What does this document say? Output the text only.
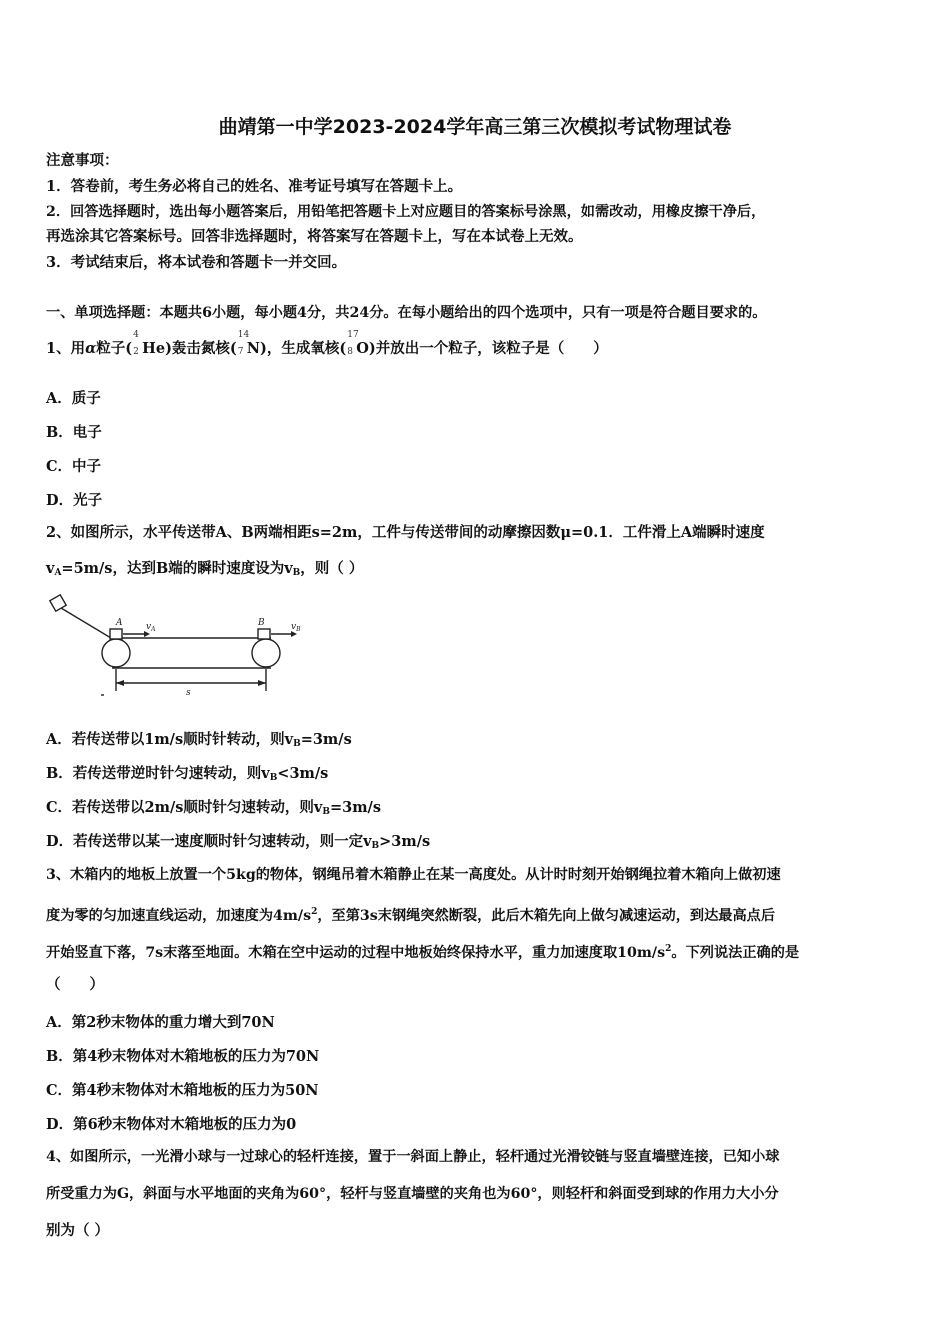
曲靖第一中学2023-2024学年高三第三次模拟考试物理试卷
注意事项：
1．答卷前，考生务必将自己的姓名、准考证号填写在答题卡上。
2．回答选择题时，选出每小题答案后，用铅笔把答题卡上对应题目的答案标号涂黑，如需改动，用橡皮擦干净后，
再选涂其它答案标号。回答非选择题时，将答案写在答题卡上，写在本试卷上无效。
3．考试结束后，将本试卷和答题卡一并交回。
一、单项选择题：本题共6小题，每小题4分，共24分。在每小题给出的四个选项中，只有一项是符合题目要求的。
1、用α粒子(
4
2 He)轰击氮核(
14
7 N)，生成氧核(
17
8 O)并放出一个粒子，该粒子是（　　）
A．质子
B．电子
C．中子
D．光子
2、如图所示，水平传送带A、B两端相距s=2m，工件与传送带间的动摩擦因数μ=0.1．工件滑上A端瞬时速度
$v_A=5m/s$，达到B端的瞬时速度设为$v_B$，则（ ）
A	B
$v_A$	$v_B$
s
A．若传送带以1m/s顺时针转动，则$v_B=3m/s$
B．若传送带逆时针匀速转动，则$v_B<3m/s$
C．若传送带以2m/s顺时针匀速转动，则$v_B=3m/s$
D．若传送带以某一速度顺时针匀速转动，则一定$v_B>3m/s$
3、木箱内的地板上放置一个5kg的物体，钢绳吊着木箱静止在某一高度处。从计时时刻开始钢绳拉着木箱向上做初速
度为零的匀加速直线运动，加速度为$4m/s^2$，至第3s末钢绳突然断裂，此后木箱先向上做匀减速运动，到达最高点后
开始竖直下落，7s末落至地面。木箱在空中运动的过程中地板始终保持水平，重力加速度取$10m/s^2$。下列说法正确的是
（　　）
A．第2秒末物体的重力增大到70N
B．第4秒末物体对木箱地板的压力为70N
C．第4秒末物体对木箱地板的压力为50N
D．第6秒末物体对木箱地板的压力为0
4、如图所示，一光滑小球与一过球心的轻杆连接，置于一斜面上静止，轻杆通过光滑铰链与竖直墙壁连接，已知小球
所受重力为G，斜面与水平地面的夹角为60°，轻杆与竖直墙壁的夹角也为60°，则轻杆和斜面受到球的作用力大小分
别为（ ）
